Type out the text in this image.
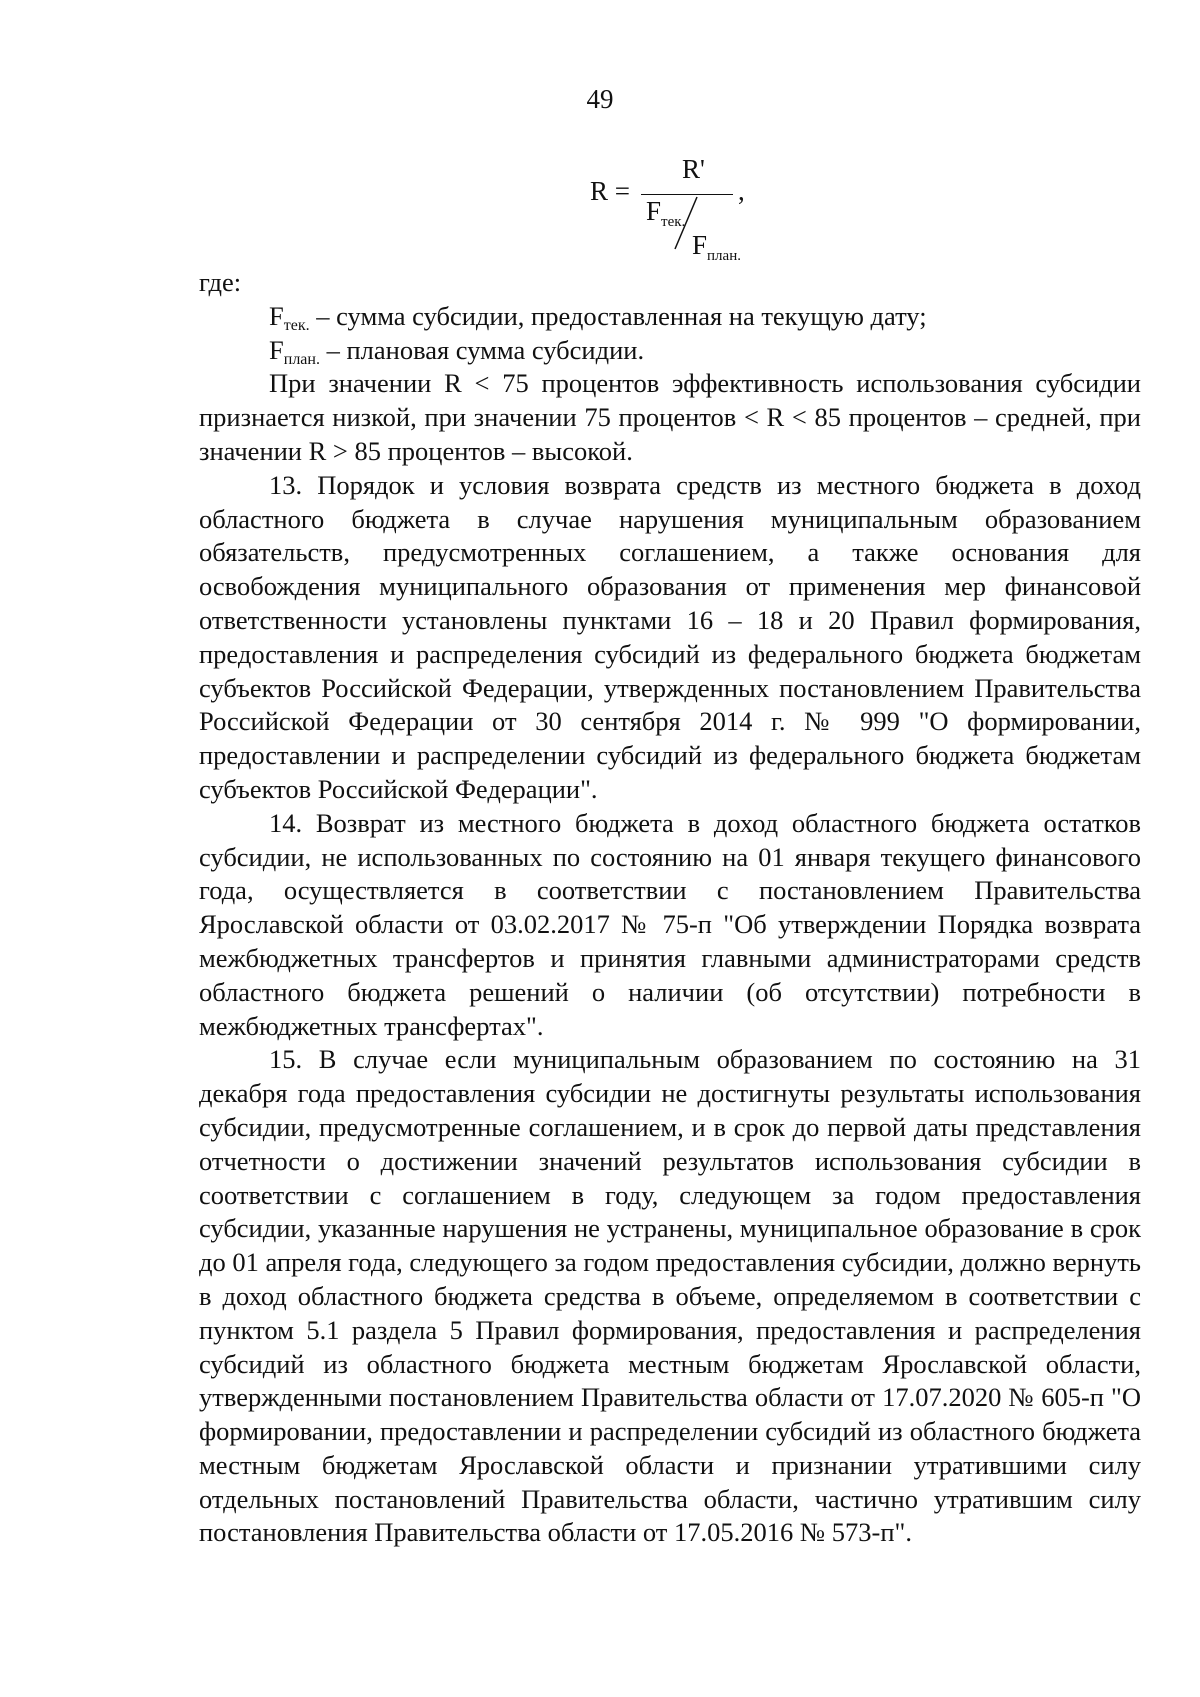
49
R =
R'
,
$F_{тек.}$
$F_{план.}$

где:

$F_{тек.}$ – сумма субсидии, предоставленная на текущую дату;

$F_{план.}$ – плановая сумма субсидии.

При значении R < 75 процентов эффективность использования субсидии признается низкой, при значении 75 процентов < R < 85 процентов – средней, при значении R > 85 процентов – высокой.

13. Порядок и условия возврата средств из местного бюджета в доход областного бюджета в случае нарушения муниципальным образованием обязательств, предусмотренных соглашением, а также основания для освобождения муниципального образования от применения мер финансовой ответственности установлены пунктами 16 – 18 и 20 Правил формирования, предоставления и распределения субсидий из федерального бюджета бюджетам субъектов Российской Федерации, утвержденных постановлением Правительства Российской Федерации от 30 сентября 2014 г. № 999 "О формировании, предоставлении и распределении субсидий из федерального бюджета бюджетам субъектов Российской Федерации".

14. Возврат из местного бюджета в доход областного бюджета остатков субсидии, не использованных по состоянию на 01 января текущего финансового года, осуществляется в соответствии с постановлением Правительства Ярославской области от 03.02.2017 № 75-п "Об утверждении Порядка возврата межбюджетных трансфертов и принятия главными администраторами средств областного бюджета решений о наличии (об отсутствии) потребности в межбюджетных трансфертах".

15. В случае если муниципальным образованием по состоянию на 31 декабря года предоставления субсидии не достигнуты результаты использования субсидии, предусмотренные соглашением, и в срок до первой даты представления отчетности о достижении значений результатов использования субсидии в соответствии с соглашением в году, следующем за годом предоставления субсидии, указанные нарушения не устранены, муниципальное образование в срок до 01 апреля года, следующего за годом предоставления субсидии, должно вернуть в доход областного бюджета средства в объеме, определяемом в соответствии с пунктом 5.1 раздела 5 Правил формирования, предоставления и распределения субсидий из областного бюджета местным бюджетам Ярославской области, утвержденными постановлением Правительства области от 17.07.2020 № 605-п "О формировании, предоставлении и распределении субсидий из областного бюджета местным бюджетам Ярославской области и признании утратившими силу отдельных постановлений Правительства области, частично утратившим силу постановления Правительства области от 17.05.2016 № 573-п".
